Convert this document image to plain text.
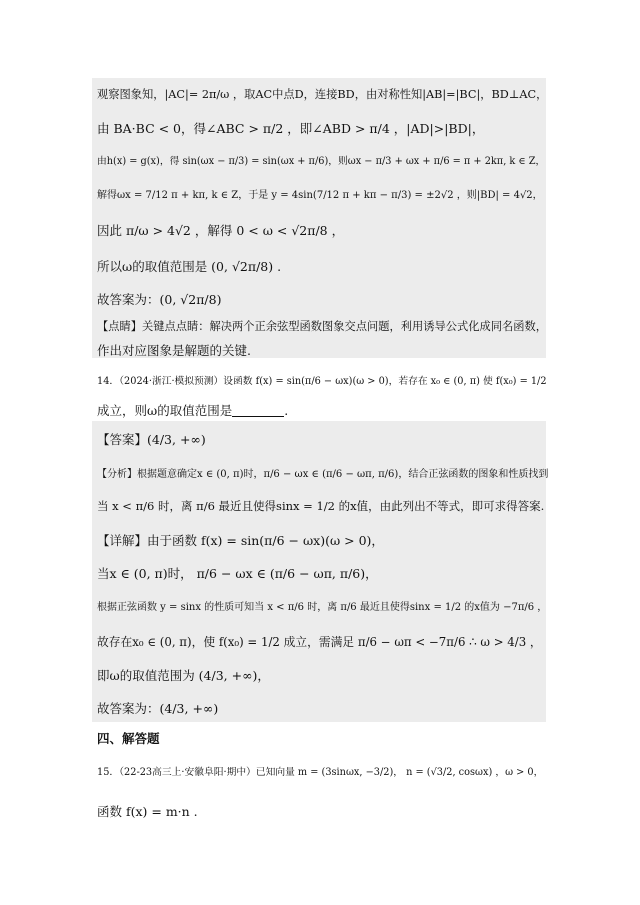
观察图象知，|AC|= 2π/ω ，取AC中点D，连接BD，由对称性知|AB|=|BC|，BD⊥AC，
由 BA·BC < 0，得∠ABC > π/2 ，即∠ABD > π/4 ，|AD|>|BD|，
由h(x) = g(x)，得 sin(ωx − π/3) = sin(ωx + π/6)，则ωx − π/3 + ωx + π/6 = π + 2kπ, k ∈ Z，
解得ωx = 7/12 π + kπ, k ∈ Z，于是 y = 4sin(7/12 π + kπ − π/3) = ±2√2 ，则|BD| = 4√2，
因此 π/ω > 4√2 ，解得 0 < ω < √2π/8 ，
所以ω的取值范围是 (0, √2π/8) .
故答案为：(0, √2π/8)
【点睛】关键点点睛：解决两个正余弦型函数图象交点问题，利用诱导公式化成同名函数，
作出对应图象是解题的关键.
14．（2024·浙江·模拟预测）设函数 f(x) = sin(π/6 − ωx)(ω > 0)，若存在 x₀ ∈ (0, π) 使 f(x₀) = 1/2
成立，则ω的取值范围是	.
【答案】(4/3, +∞)
【分析】根据题意确定x ∈ (0, π)时，π/6 − ωx ∈ (π/6 − ωπ, π/6)，结合正弦函数的图象和性质找到
当 x < π/6 时，离 π/6 最近且使得sinx = 1/2 的x值，由此列出不等式，即可求得答案.
【详解】由于函数 f(x) = sin(π/6 − ωx)(ω > 0)，
当x ∈ (0, π)时， π/6 − ωx ∈ (π/6 − ωπ, π/6)，
根据正弦函数 y = sinx 的性质可知当 x < π/6 时，离 π/6 最近且使得sinx = 1/2 的x值为 −7π/6 ，
故存在x₀ ∈ (0, π)，使 f(x₀) = 1/2 成立，需满足 π/6 − ωπ < −7π/6 ∴ ω > 4/3 ，
即ω的取值范围为 (4/3, +∞)，
故答案为：(4/3, +∞)
四、解答题
15．（22-23高三上·安徽阜阳·期中）已知向量 m = (3sinωx, −3/2)， n = (√3/2, cosωx) ，ω > 0，
函数 f(x) = m·n .
